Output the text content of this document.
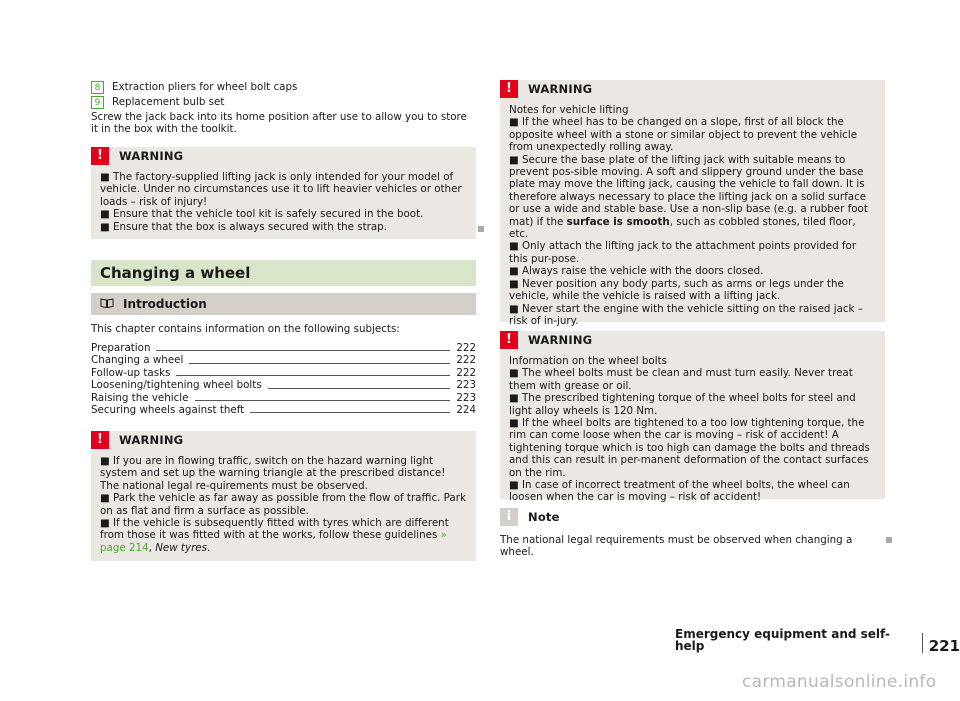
8	Extraction pliers for wheel bolt caps
9	Replacement bulb set

Screw the jack back into its home position after use to allow you to store it in the box with the toolkit.

!	WARNING

■ The factory-supplied lifting jack is only intended for your model of vehicle. Under no circumstances use it to lift heavier vehicles or other loads – risk of injury!

■ Ensure that the vehicle tool kit is safely secured in the boot.

■ Ensure that the box is always secured with the strap.

Changing a wheel
Introduction

This chapter contains information on the following subjects:

Preparation	222
Changing a wheel	222
Follow-up tasks	222
Loosening/tightening wheel bolts	223
Raising the vehicle	223
Securing wheels against theft	224
!	WARNING

■ If you are in flowing traffic, switch on the hazard warning light system and set up the warning triangle at the prescribed distance! The national legal re-quirements must be observed.

■ Park the vehicle as far away as possible from the flow of traffic. Park on as flat and firm a surface as possible.

■ If the vehicle is subsequently fitted with tyres which are different from those it was fitted with at the works, follow these guidelines » page 214, New tyres.

!	WARNING

Notes for vehicle lifting

■ If the wheel has to be changed on a slope, first of all block the opposite wheel with a stone or similar object to prevent the vehicle from unexpectedly rolling away.

■ Secure the base plate of the lifting jack with suitable means to prevent pos-sible moving. A soft and slippery ground under the base plate may move the lifting jack, causing the vehicle to fall down. It is therefore always necessary to place the lifting jack on a solid surface or use a wide and stable base. Use a non-slip base (e.g. a rubber foot mat) if the surface is smooth, such as cobbled stones, tiled floor, etc.

■ Only attach the lifting jack to the attachment points provided for this pur-pose.

■ Always raise the vehicle with the doors closed.

■ Never position any body parts, such as arms or legs under the vehicle, while the vehicle is raised with a lifting jack.

■ Never start the engine with the vehicle sitting on the raised jack – risk of in-jury.

!	WARNING

Information on the wheel bolts

■ The wheel bolts must be clean and must turn easily. Never treat them with grease or oil.

■ The prescribed tightening torque of the wheel bolts for steel and light alloy wheels is 120 Nm.

■ If the wheel bolts are tightened to a too low tightening torque, the rim can come loose when the car is moving – risk of accident! A tightening torque which is too high can damage the bolts and threads and this can result in per-manent deformation of the contact surfaces on the rim.

■ In case of incorrect treatment of the wheel bolts, the wheel can loosen when the car is moving – risk of accident!

i	Note

The national legal requirements must be observed when changing a wheel.

Emergency equipment and self-help	221
carmanualsonline.info
